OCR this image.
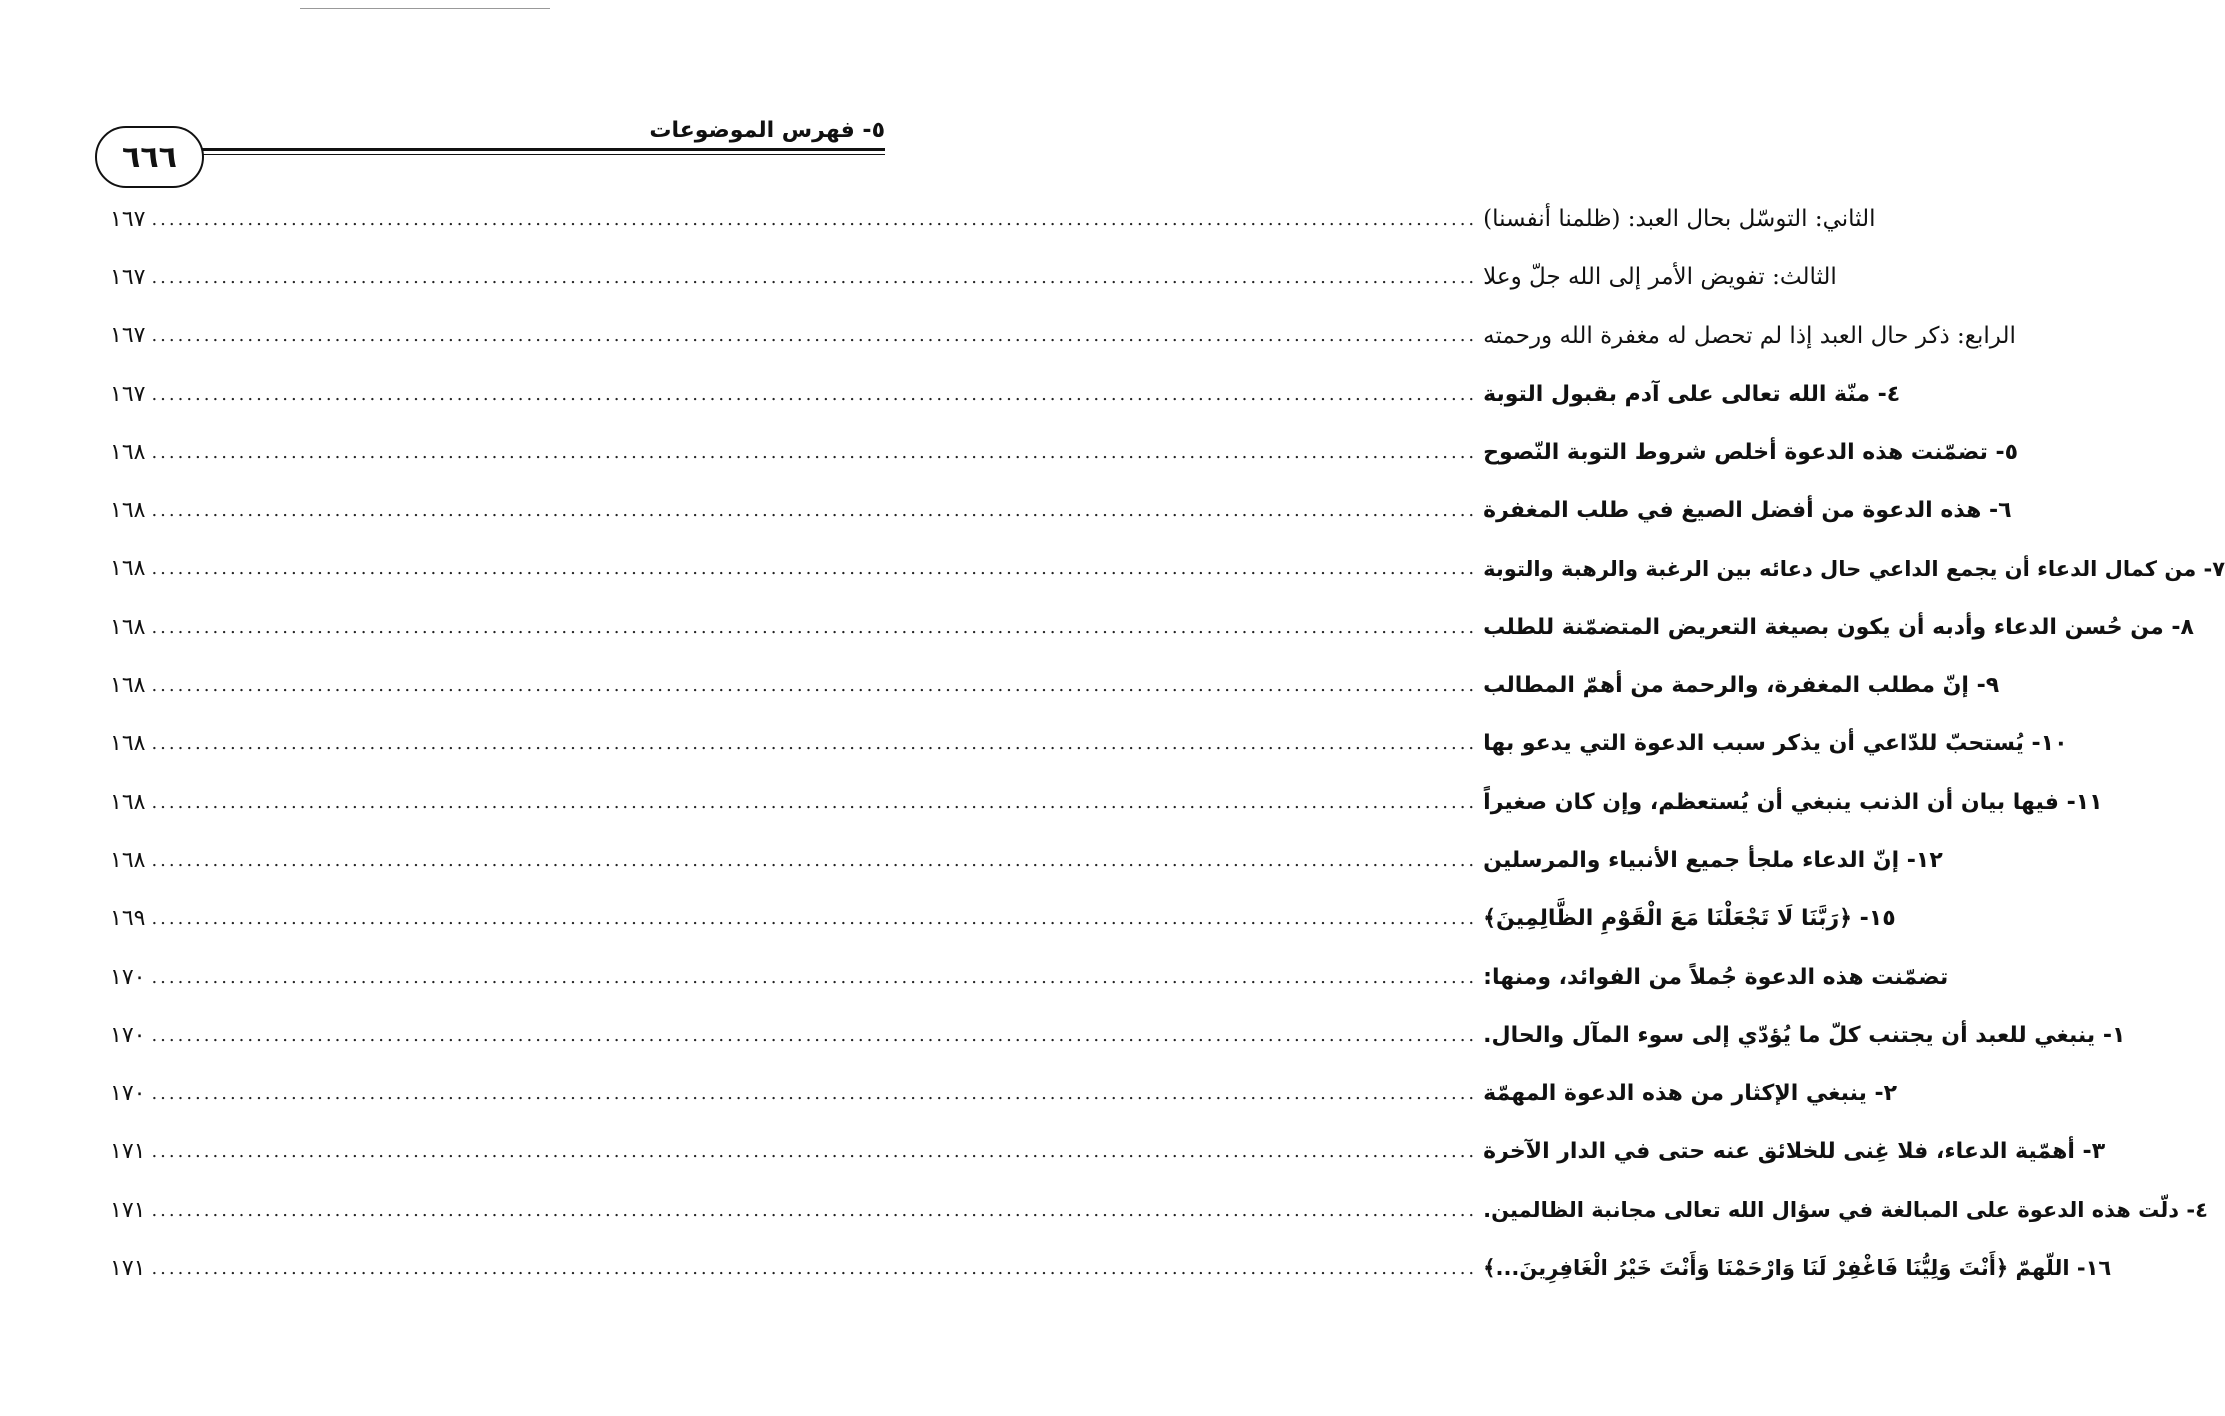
٦٦٦
٥- فهرس الموضوعات
١٦٧ .....	الثاني: التوسّل بحال العبد: (ظلمنا أنفسنا)
١٦٧ .....	الثالث: تفويض الأمر إلى الله جلّ وعلا
١٦٧ .....	الرابع: ذكر حال العبد إذا لم تحصل له مغفرة الله ورحمته
١٦٧ .....	٤- منّة الله تعالى على آدم بقبول التوبة
١٦٨ .....	٥- تضمّنت هذه الدعوة أخلص شروط التوبة النّصوح
١٦٨ .....	٦- هذه الدعوة من أفضل الصيغ في طلب المغفرة
١٦٨ .....	٧- من كمال الدعاء أن يجمع الداعي حال دعائه بين الرغبة والرهبة والتوبة
١٦٨ .....	٨- من حُسن الدعاء وأدبه أن يكون بصيغة التعريض المتضمّنة للطلب
١٦٨ .....	٩- إنّ مطلب المغفرة، والرحمة من أهمّ المطالب
١٦٨ .....	١٠- يُستحبّ للدّاعي أن يذكر سبب الدعوة التي يدعو بها
١٦٨ .....	١١- فيها بيان أن الذنب ينبغي أن يُستعظم، وإن كان صغيراً
١٦٨ .....	١٢- إنّ الدعاء ملجأ جميع الأنبياء والمرسلين
١٦٩ .....	١٥- ﴿رَبَّنَا لَا تَجْعَلْنَا مَعَ الْقَوْمِ الظَّالِمِينَ﴾
١٧٠ .....	تضمّنت هذه الدعوة جُملاً من الفوائد، ومنها:
١٧٠ .....	١- ينبغي للعبد أن يجتنب كلّ ما يُؤدّي إلى سوء المآل والحال.
١٧٠ .....	٢- ينبغي الإكثار من هذه الدعوة المهمّة
١٧١ .....	٣- أهمّية الدعاء، فلا غِنى للخلائق عنه حتى في الدار الآخرة
١٧١ .....	٤- دلّت هذه الدعوة على المبالغة في سؤال الله تعالى مجانبة الظالمين.
١٧١ .....	١٦- اللّهمّ ﴿أَنْتَ وَلِيُّنَا فَاغْفِرْ لَنَا وَارْحَمْنَا وَأَنْتَ خَيْرُ الْغَافِرِينَ...﴾
